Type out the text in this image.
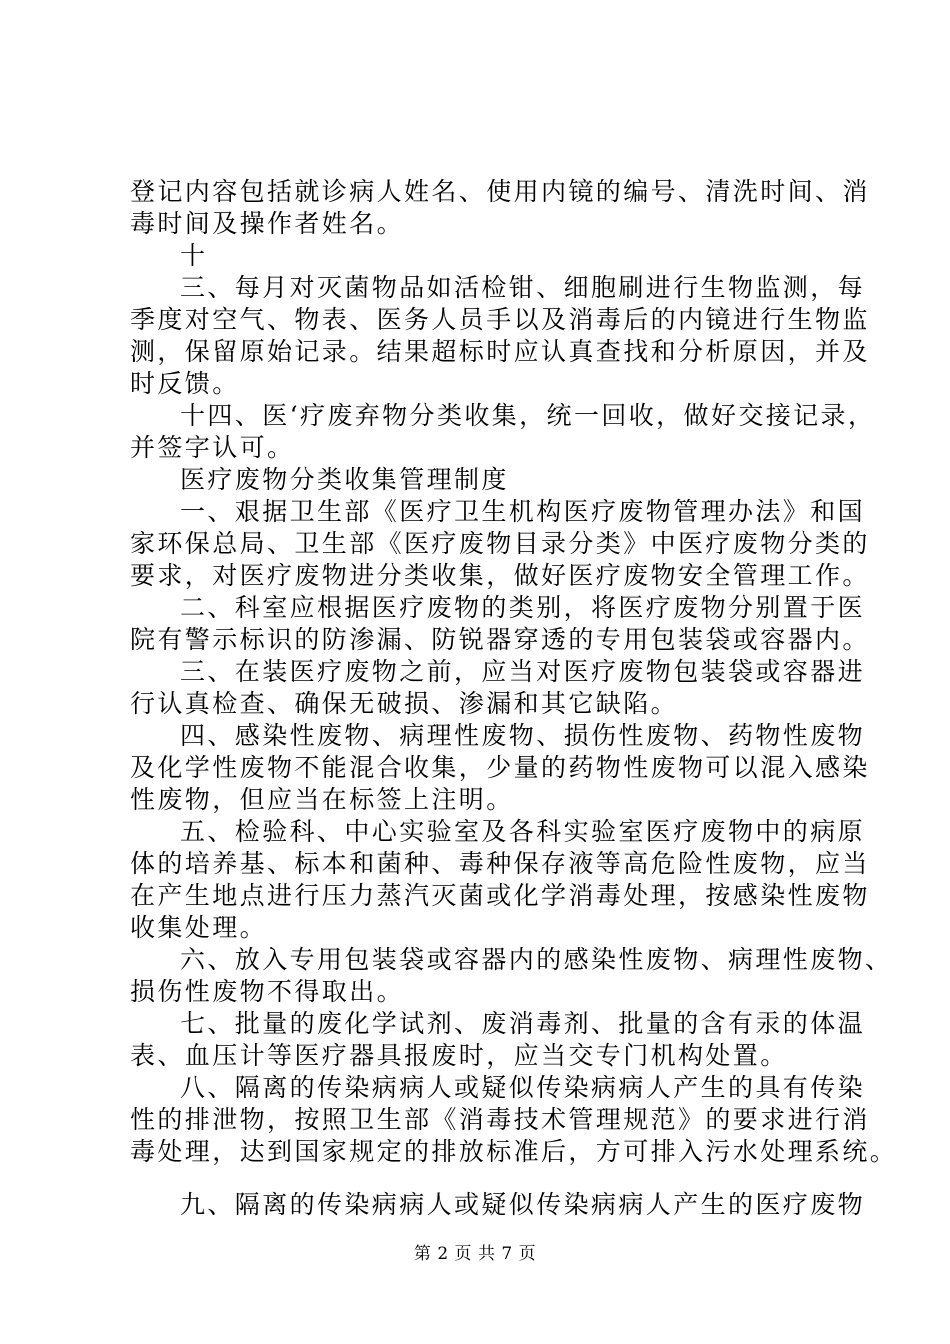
登记内容包括就诊病人姓名、使用内镜的编号、清洗时间、消
毒时间及操作者姓名。
十
三、每月对灭菌物品如活检钳、细胞刷进行生物监测，每
季度对空气、物表、医务人员手以及消毒后的内镜进行生物监
测，保留原始记录。结果超标时应认真查找和分析原因，并及
时反馈。
十四、医‘疗废弃物分类收集，统一回收，做好交接记录，
并签字认可。
医疗废物分类收集管理制度
一、艰据卫生部《医疗卫生机构医疗废物管理办法》和国
家环保总局、卫生部《医疗废物目录分类》中医疗废物分类的
要求，对医疗废物进分类收集，做好医疗废物安全管理工作。
二、科室应根据医疗废物的类别，将医疗废物分别置于医
院有警示标识的防渗漏、防锐器穿透的专用包装袋或容器内。
三、在装医疗废物之前，应当对医疗废物包装袋或容器进
行认真检查、确保无破损、渗漏和其它缺陷。
四、感染性废物、病理性废物、损伤性废物、药物性废物
及化学性废物不能混合收集，少量的药物性废物可以混入感染
性废物，但应当在标签上注明。
五、检验科、中心实验室及各科实验室医疗废物中的病原
体的培养基、标本和菌种、毒种保存液等高危险性废物，应当
在产生地点进行压力蒸汽灭菌或化学消毒处理，按感染性废物
收集处理。
六、放入专用包装袋或容器内的感染性废物、病理性废物、
损伤性废物不得取出。
七、批量的废化学试剂、废消毒剂、批量的含有汞的体温
表、血压计等医疗器具报废时，应当交专门机构处置。
八、隔离的传染病病人或疑似传染病病人产生的具有传染
性的排泄物，按照卫生部《消毒技术管理规范》的要求进行消
毒处理，达到国家规定的排放标准后，方可排入污水处理系统。
九、隔离的传染病病人或疑似传染病病人产生的医疗废物
第 2 页 共 7 页
